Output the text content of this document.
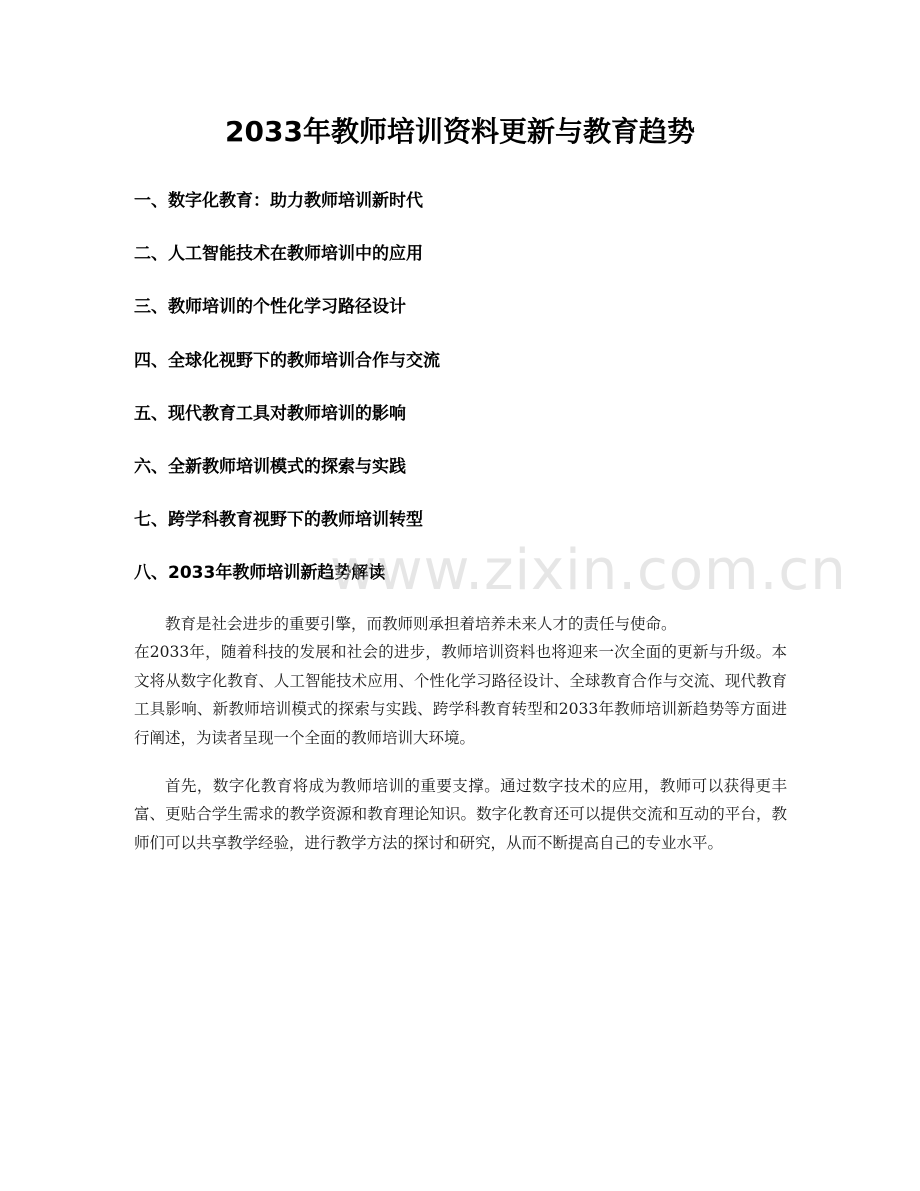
2033年教师培训资料更新与教育趋势
一、数字化教育：助力教师培训新时代
二、人工智能技术在教师培训中的应用
三、教师培训的个性化学习路径设计
四、全球化视野下的教师培训合作与交流
五、现代教育工具对教师培训的影响
六、全新教师培训模式的探索与实践
七、跨学科教育视野下的教师培训转型
八、2033年教师培训新趋势解读

教育是社会进步的重要引擎，而教师则承担着培养未来人才的责任与使命。
在2033年，随着科技的发展和社会的进步，教师培训资料也将迎来一次全面的更新与升级。本文将从数字化教育、人工智能技术应用、个性化学习路径设计、全球教育合作与交流、现代教育工具影响、新教师培训模式的探索与实践、跨学科教育转型和2033年教师培训新趋势等方面进行阐述，为读者呈现一个全面的教师培训大环境。

首先，数字化教育将成为教师培训的重要支撑。通过数字技术的应用，教师可以获得更丰富、更贴合学生需求的教学资源和教育理论知识。数字化教育还可以提供交流和互动的平台，教师们可以共享教学经验，进行教学方法的探讨和研究，从而不断提高自己的专业水平。

www.zixin.com.cn
